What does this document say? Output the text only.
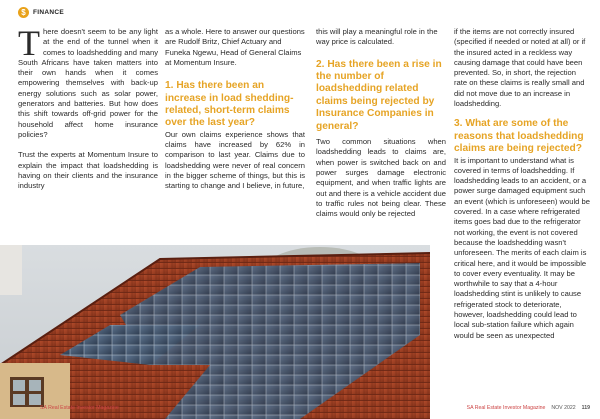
$	FINANCE

There doesn't seem to be any light at the end of the tunnel when it comes to loadshedding and many South Africans have taken matters into their own hands when it comes empowering themselves with back-up energy solutions such as solar power, generators and batteries. But how does this shift towards off-grid power for the household affect home insurance policies?

Trust the experts at Momentum Insure to explain the impact that loadshedding is having on their clients and the insurance industry

as a whole. Here to answer our questions are Rudolf Britz, Chief Actuary and Funeka Ngewu, Head of General Claims at Momentum Insure.

1. Has there been an increase in load shedding-related, short-term claims over the last year?

Our own claims experience shows that claims have increased by 62% in comparison to last year. Claims due to loadshedding were never of real concern in the bigger scheme of things, but this is starting to change and I believe, in future,

this will play a meaningful role in the way price is calculated.

2. Has there been a rise in the number of loadshedding related claims being rejected by Insurance Companies in general?

Two common situations when loadshedding leads to claims are, when power is switched back on and power surges damage electronic equipment, and when traffic lights are out and there is a vehicle accident due to traffic rules not being clear. These claims would only be rejected

if the items are not correctly insured (specified if needed or noted at all) or if the insured acted in a reckless way causing damage that could have been prevented. So, in short, the rejection rate on these claims is really small and did not move due to an increase in loadshedding.

3. What are some of the reasons that loadshedding claims are being rejected?

It is important to understand what is covered in terms of loadshedding. If loadshedding leads to an accident, or a power surge damaged equipment such an event (which is unforeseen) would be covered. In a case where refrigerated items goes bad due to the refrigerator not working, the event is not covered because the loadshedding wasn't unforeseen. The merits of each claim is critical here, and it would be impossible to cover every eventuality. It may be worthwhile to say that a 4-hour loadshedding stint is unlikely to cause refrigerated stock to deteriorate, however, loadshedding could lead to local sub-station failure which again would be seen as unexpected

SA Real Estate Investor Magazine	SA Real Estate Investor Magazine NOV 2022 119
